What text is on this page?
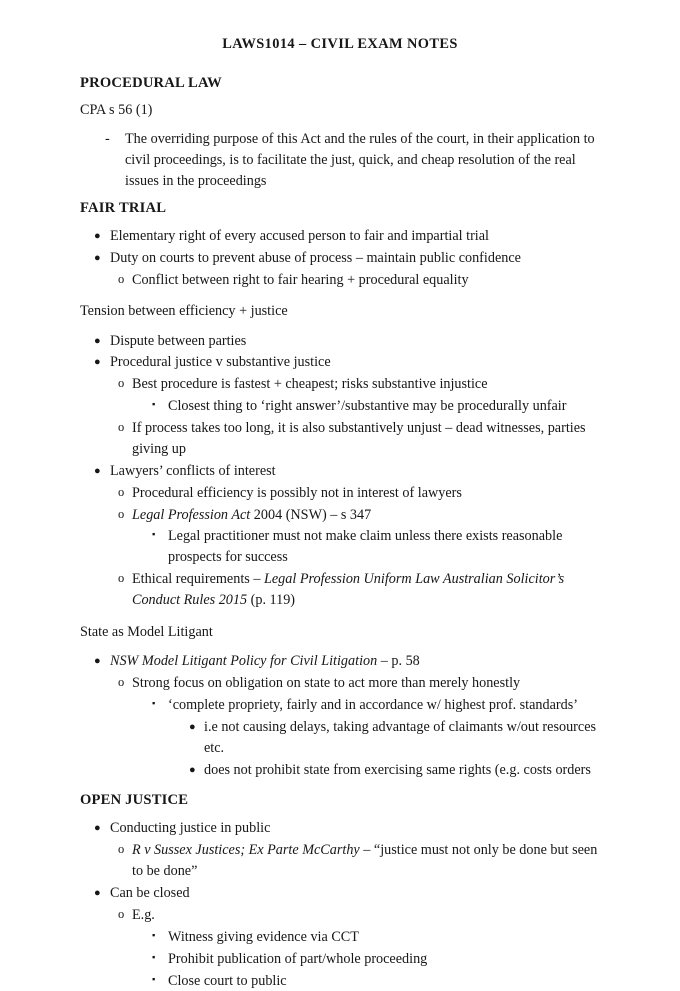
LAWS1014 – CIVIL EXAM NOTES
PROCEDURAL LAW

CPA s 56 (1)

-	The overriding purpose of this Act and the rules of the court, in their application to civil proceedings, is to facilitate the just, quick, and cheap resolution of the real issues in the proceedings
FAIR TRIAL
● Elementary right of every accused person to fair and impartial trial
● Duty on courts to prevent abuse of process – maintain public confidence
o Conflict between right to fair hearing + procedural equality

Tension between efficiency + justice

● Dispute between parties
● Procedural justice v substantive justice
o Best procedure is fastest + cheapest; risks substantive injustice
▪ Closest thing to ‘right answer’/substantive may be procedurally unfair
o If process takes too long, it is also substantively unjust – dead witnesses, parties giving up
● Lawyers’ conflicts of interest
o Procedural efficiency is possibly not in interest of lawyers
o Legal Profession Act 2004 (NSW) – s 347
▪ Legal practitioner must not make claim unless there exists reasonable prospects for success
o Ethical requirements – Legal Profession Uniform Law Australian Solicitor’s Conduct Rules 2015 (p. 119)

State as Model Litigant

● NSW Model Litigant Policy for Civil Litigation – p. 58
o Strong focus on obligation on state to act more than merely honestly
▪ ‘complete propriety, fairly and in accordance w/ highest prof. standards’
● i.e not causing delays, taking advantage of claimants w/out resources etc.
● does not prohibit state from exercising same rights (e.g. costs orders
OPEN JUSTICE
● Conducting justice in public
o R v Sussex Justices; Ex Parte McCarthy – “justice must not only be done but seen to be done”
● Can be closed
o E.g.
▪ Witness giving evidence via CCT
▪ Prohibit publication of part/whole proceeding
▪ Close court to public
